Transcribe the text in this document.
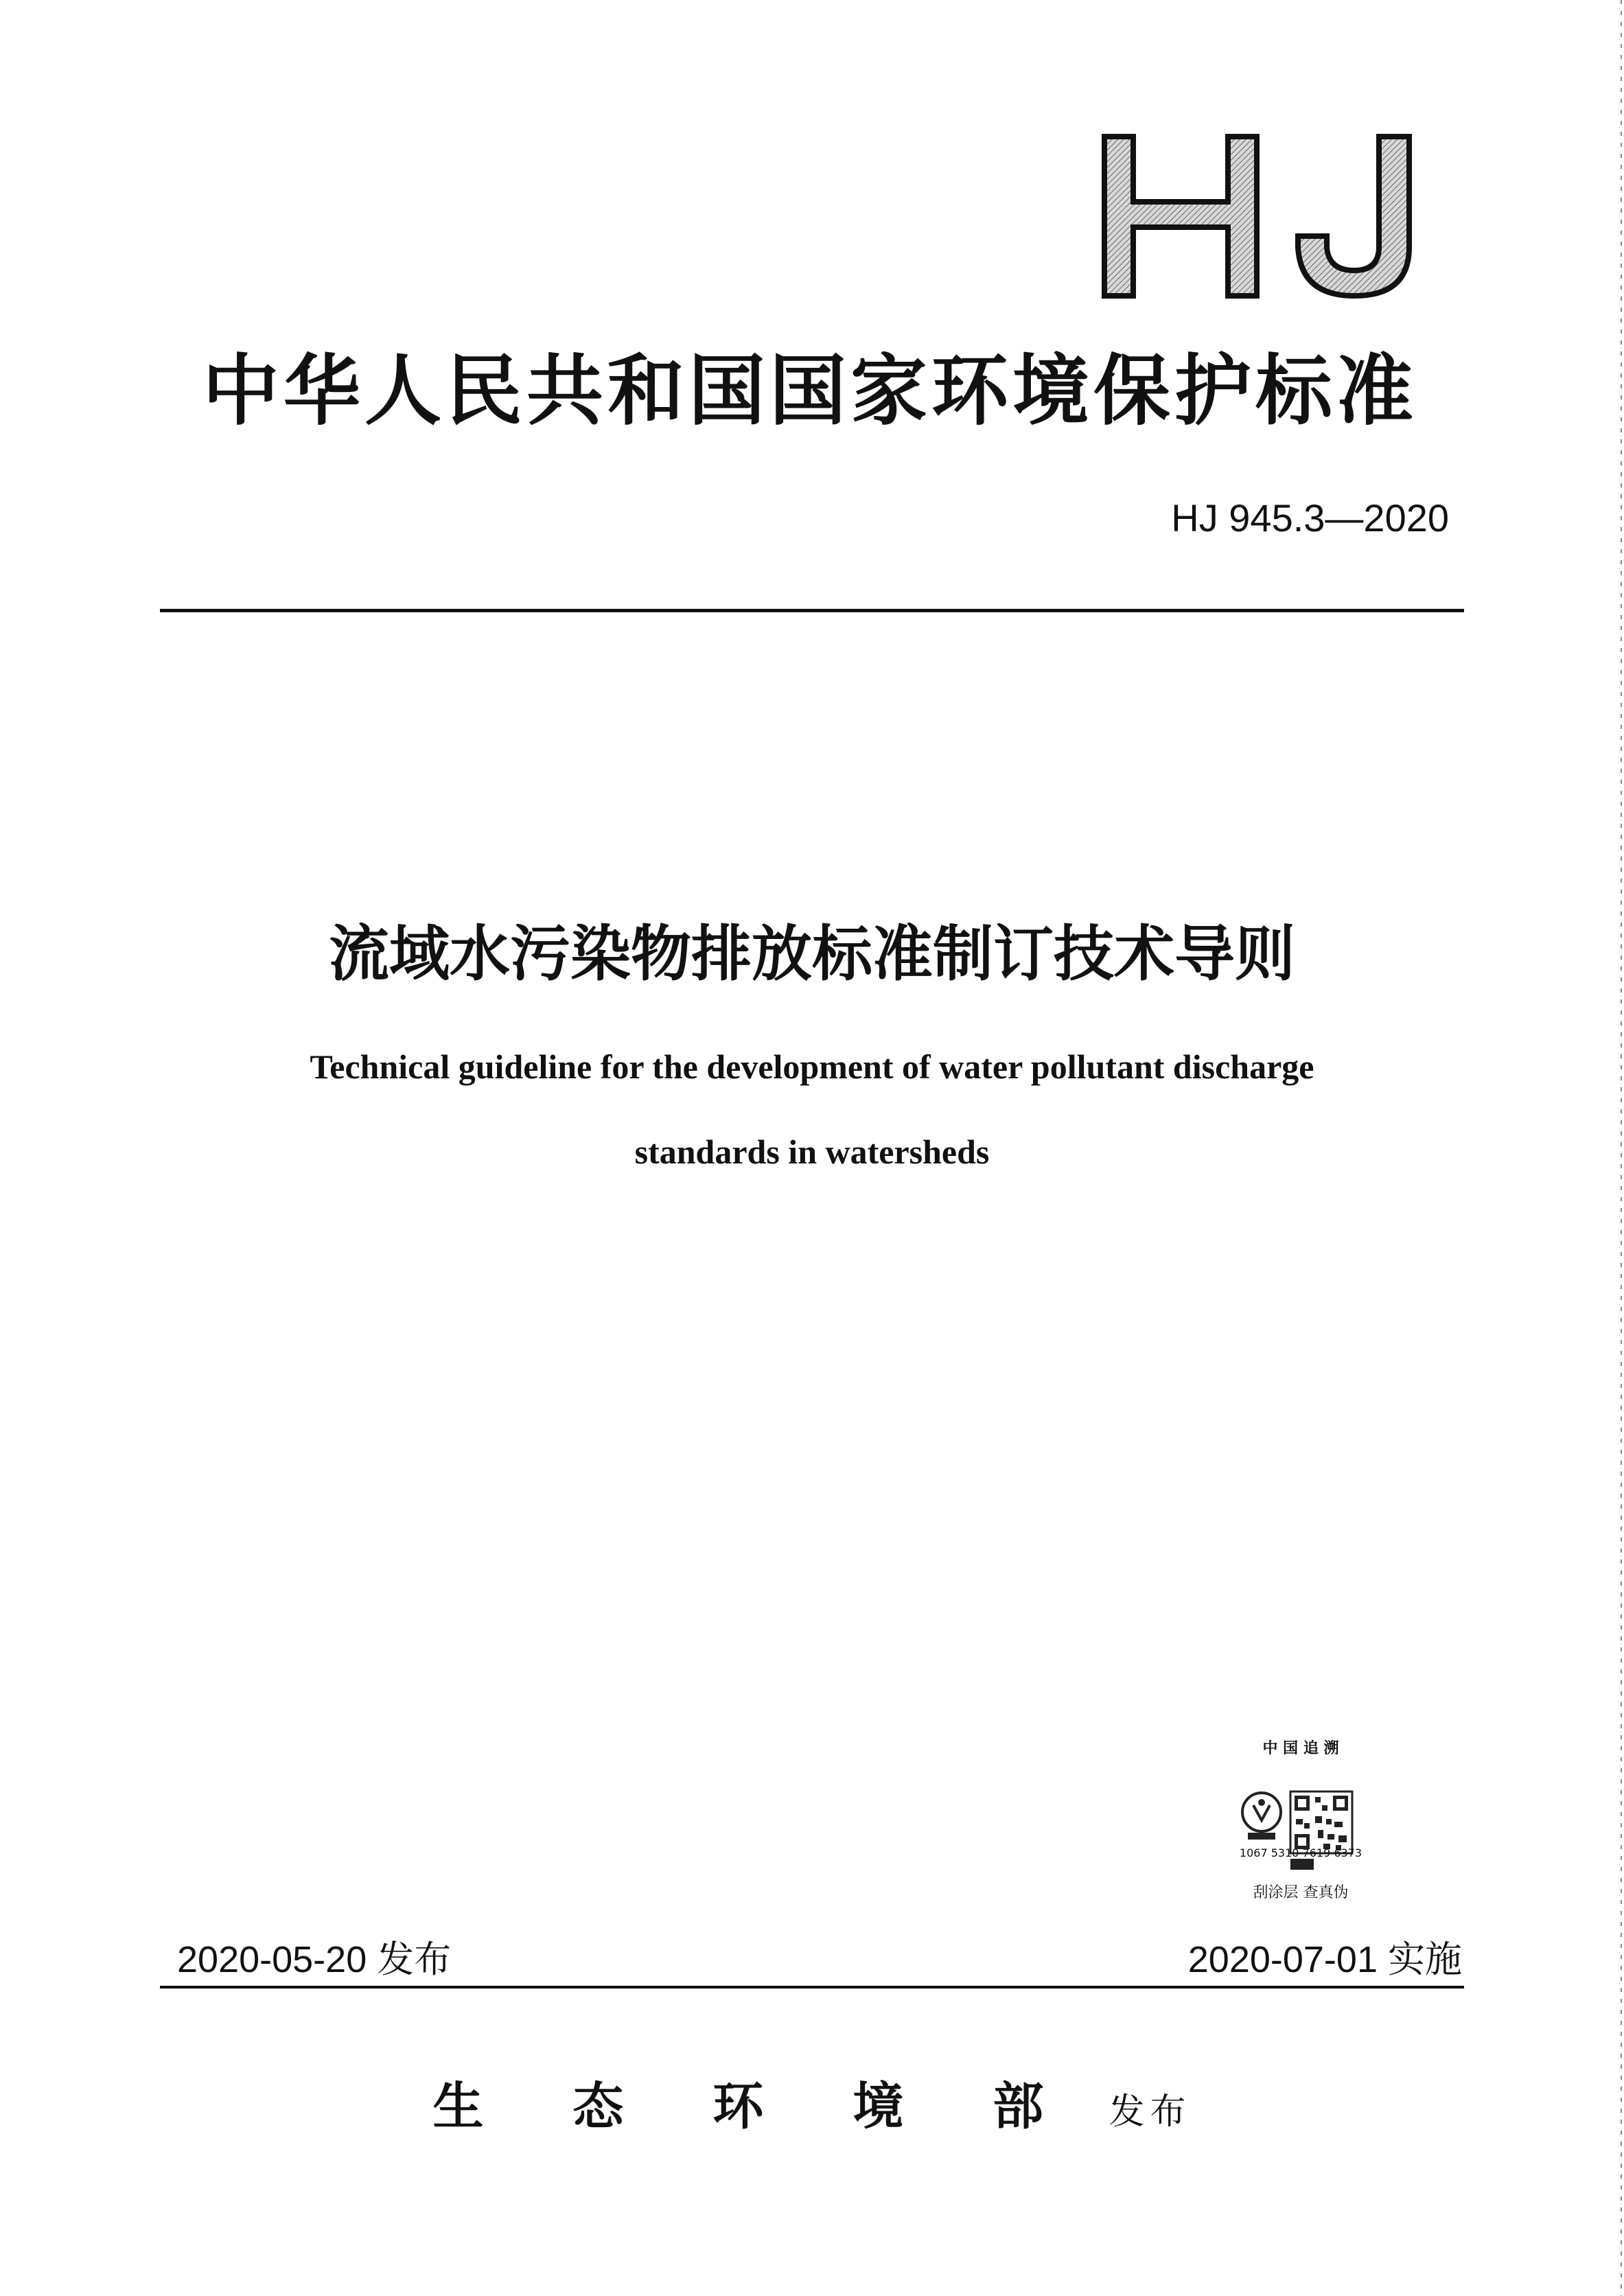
中华人民共和国国家环境保护标准
HJ 945.3—2020
流域水污染物排放标准制订技术导则
Technical guideline for the development of water pollutant discharge
standards in watersheds
中 国 追 溯
1067 5310 7619 6373
刮涂层 查真伪
2020-05-20 发布	2020-07-01 实施
生态环境部 发布
